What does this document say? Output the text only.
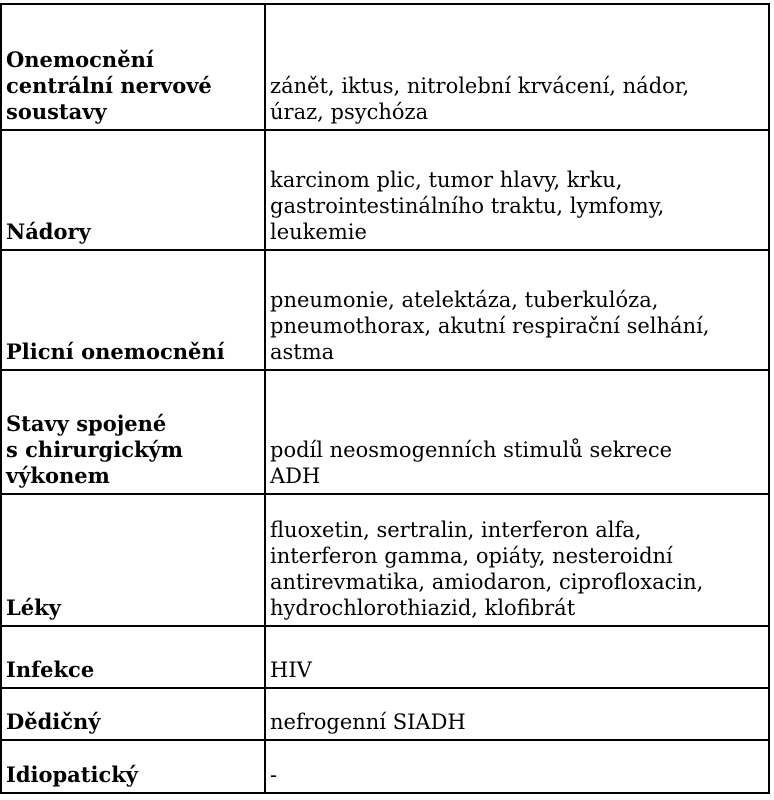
Onemocnění
centrální nervové
soustavy	zánět, iktus, nitrolební krvácení, nádor,
úraz, psychóza

Nádory	karcinom plic, tumor hlavy, krku,
gastrointestinálního traktu, lymfomy,
leukemie

Plicní onemocnění	pneumonie, atelektáza, tuberkulóza,
pneumothorax, akutní respirační selhání,
astma

Stavy spojené
s chirurgickým
výkonem	podíl neosmogenních stimulů sekrece
ADH

Léky	fluoxetin, sertralin, interferon alfa,
interferon gamma, opiáty, nesteroidní
antirevmatika, amiodaron, ciprofloxacin,
hydrochlorothiazid, klofibrát

Infekce	HIV

Dědičný	nefrogenní SIADH

Idiopatický	-
